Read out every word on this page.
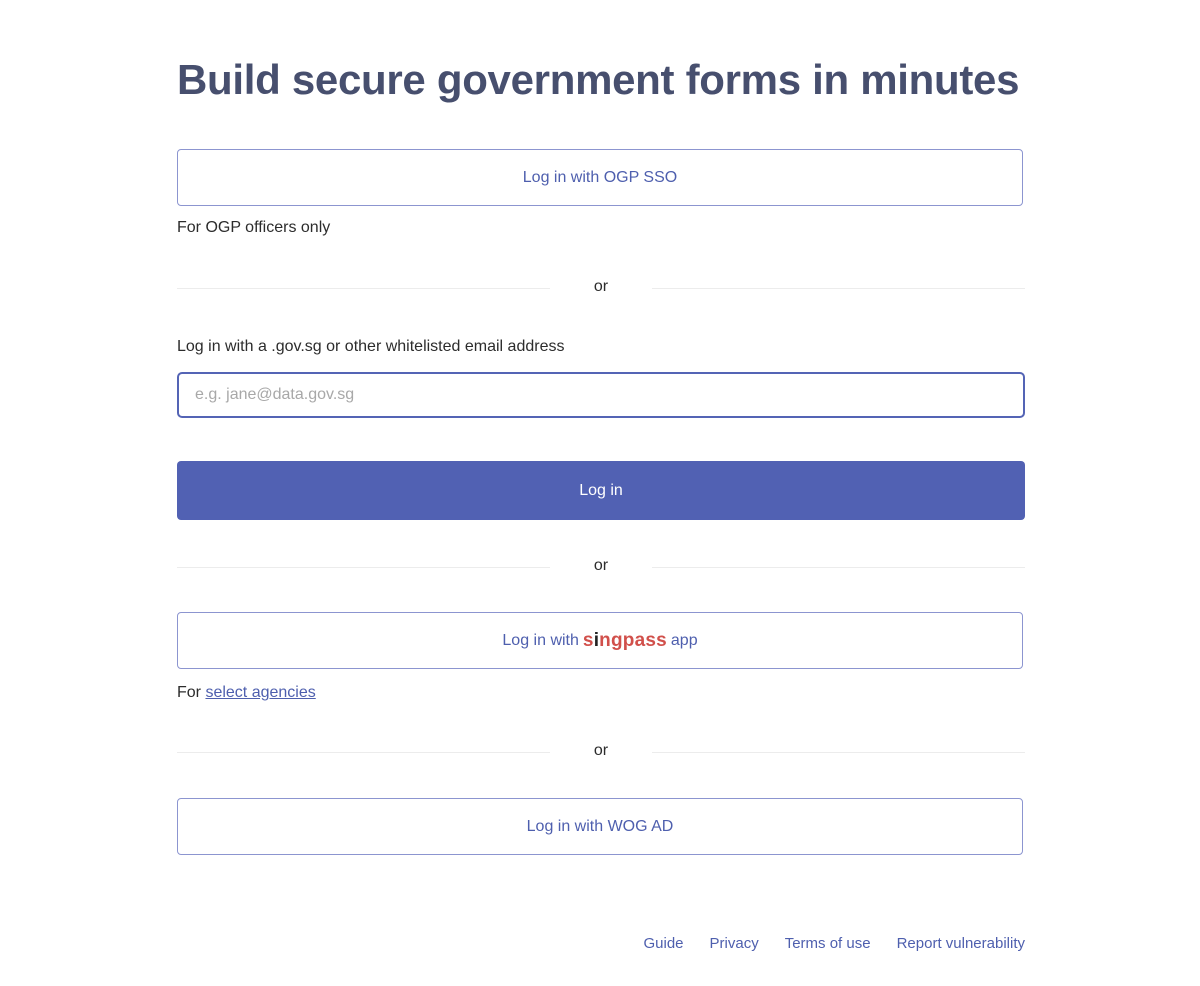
Build secure government forms in minutes
Log in with OGP SSO
For OGP officers only
or
Log in with a .gov.sg or other whitelisted email address
e.g. jane@data.gov.sg
Log in
or
Log in with singpass app
For select agencies
or
Log in with WOG AD
Guide Privacy Terms of use Report vulnerability
